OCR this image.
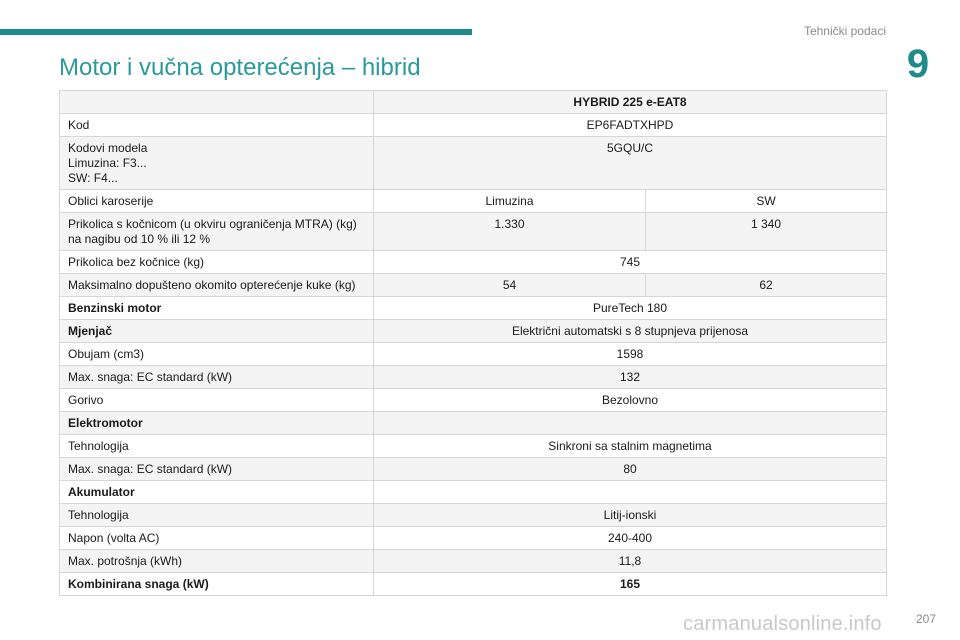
Tehnički podaci
9
Motor i vučna opterećenja – hibrid
	HYBRID 225 e-EAT8	
Kod	EP6FADTXHPD	

Kodovi modela
Limuzina: F3...
SW: F4...	5GQU/C	
Oblici karoserije	Limuzina	SW

Prikolica s kočnicom (u okviru ograničenja MTRA) (kg)
na nagibu od 10 % ili 12 %	1.330	1 340
Prikolica bez kočnice (kg)	745	
Maksimalno dopušteno okomito opterećenje kuke (kg)	54	62
Benzinski motor	PureTech 180	
Mjenjač	Električni automatski s 8 stupnjeva prijenosa	
Obujam (cm3)	1598	
Max. snaga: EC standard (kW)	132	
Gorivo	Bezolovno	
Elektromotor		
Tehnologija	Sinkroni sa stalnim magnetima	
Max. snaga: EC standard (kW)	80	
Akumulator		
Tehnologija	Litij-ionski	
Napon (volta AC)	240-400	
Max. potrošnja (kWh)	11,8	
Kombinirana snaga (kW)	165	
carmanualsonline.info	207
